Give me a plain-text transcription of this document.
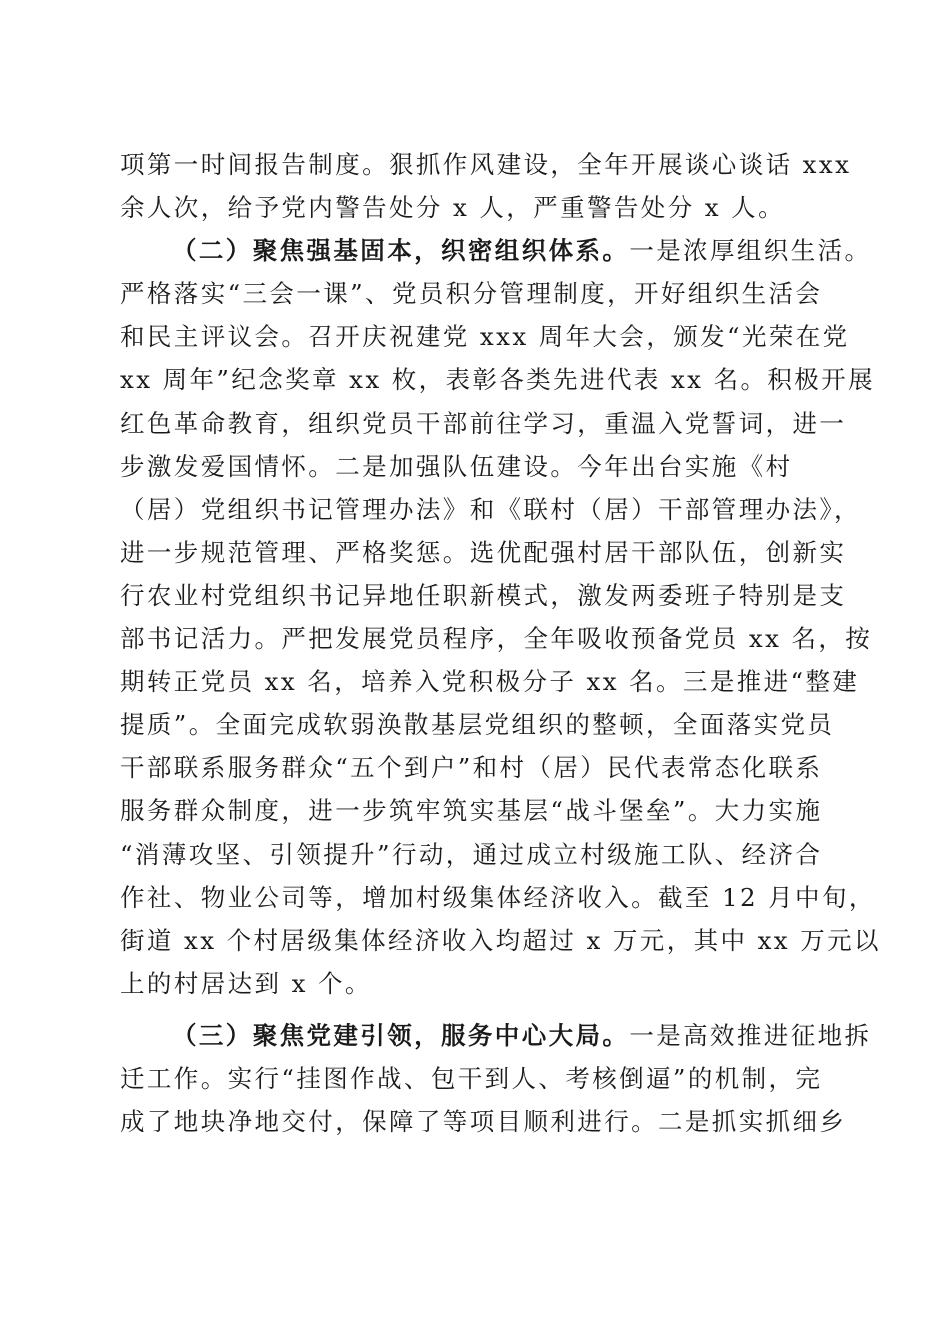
项第一时间报告制度。狠抓作风建设，全年开展谈心谈话 xxx
余人次，给予党内警告处分 x 人，严重警告处分 x 人。
（二）聚焦强基固本，织密组织体系。一是浓厚组织生活。
严格落实“三会一课”、党员积分管理制度，开好组织生活会
和民主评议会。召开庆祝建党 xxx 周年大会，颁发“光荣在党
xx 周年”纪念奖章 xx 枚，表彰各类先进代表 xx 名。积极开展
红色革命教育，组织党员干部前往学习，重温入党誓词，进一
步激发爱国情怀。二是加强队伍建设。今年出台实施《村
（居）党组织书记管理办法》和《联村（居）干部管理办法》，
进一步规范管理、严格奖惩。选优配强村居干部队伍，创新实
行农业村党组织书记异地任职新模式，激发两委班子特别是支
部书记活力。严把发展党员程序，全年吸收预备党员 xx 名，按
期转正党员 xx 名，培养入党积极分子 xx 名。三是推进“整建
提质”。全面完成软弱涣散基层党组织的整顿，全面落实党员
干部联系服务群众“五个到户”和村（居）民代表常态化联系
服务群众制度，进一步筑牢筑实基层“战斗堡垒”。大力实施
“消薄攻坚、引领提升”行动，通过成立村级施工队、经济合
作社、物业公司等，增加村级集体经济收入。截至 12 月中旬，
街道 xx 个村居级集体经济收入均超过 x 万元，其中 xx 万元以
上的村居达到 x 个。
（三）聚焦党建引领，服务中心大局。一是高效推进征地拆
迁工作。实行“挂图作战、包干到人、考核倒逼”的机制，完
成了地块净地交付，保障了等项目顺利进行。二是抓实抓细乡
